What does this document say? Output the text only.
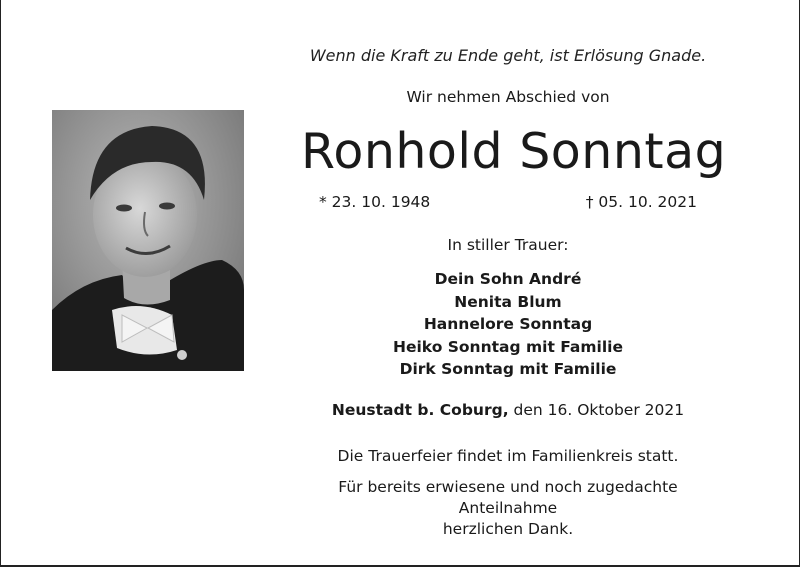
Wenn die Kraft zu Ende geht, ist Erlösung Gnade.
Wir nehmen Abschied von
Ronhold Sonntag
* 23. 10. 1948	† 05. 10. 2021
In stiller Trauer:
Dein Sohn André
Nenita Blum
Hannelore Sonntag
Heiko Sonntag mit Familie
Dirk Sonntag mit Familie
Neustadt b. Coburg, den 16. Oktober 2021
Die Trauerfeier findet im Familienkreis statt.
Für bereits erwiesene und noch zugedachte Anteilnahme
herzlichen Dank.
